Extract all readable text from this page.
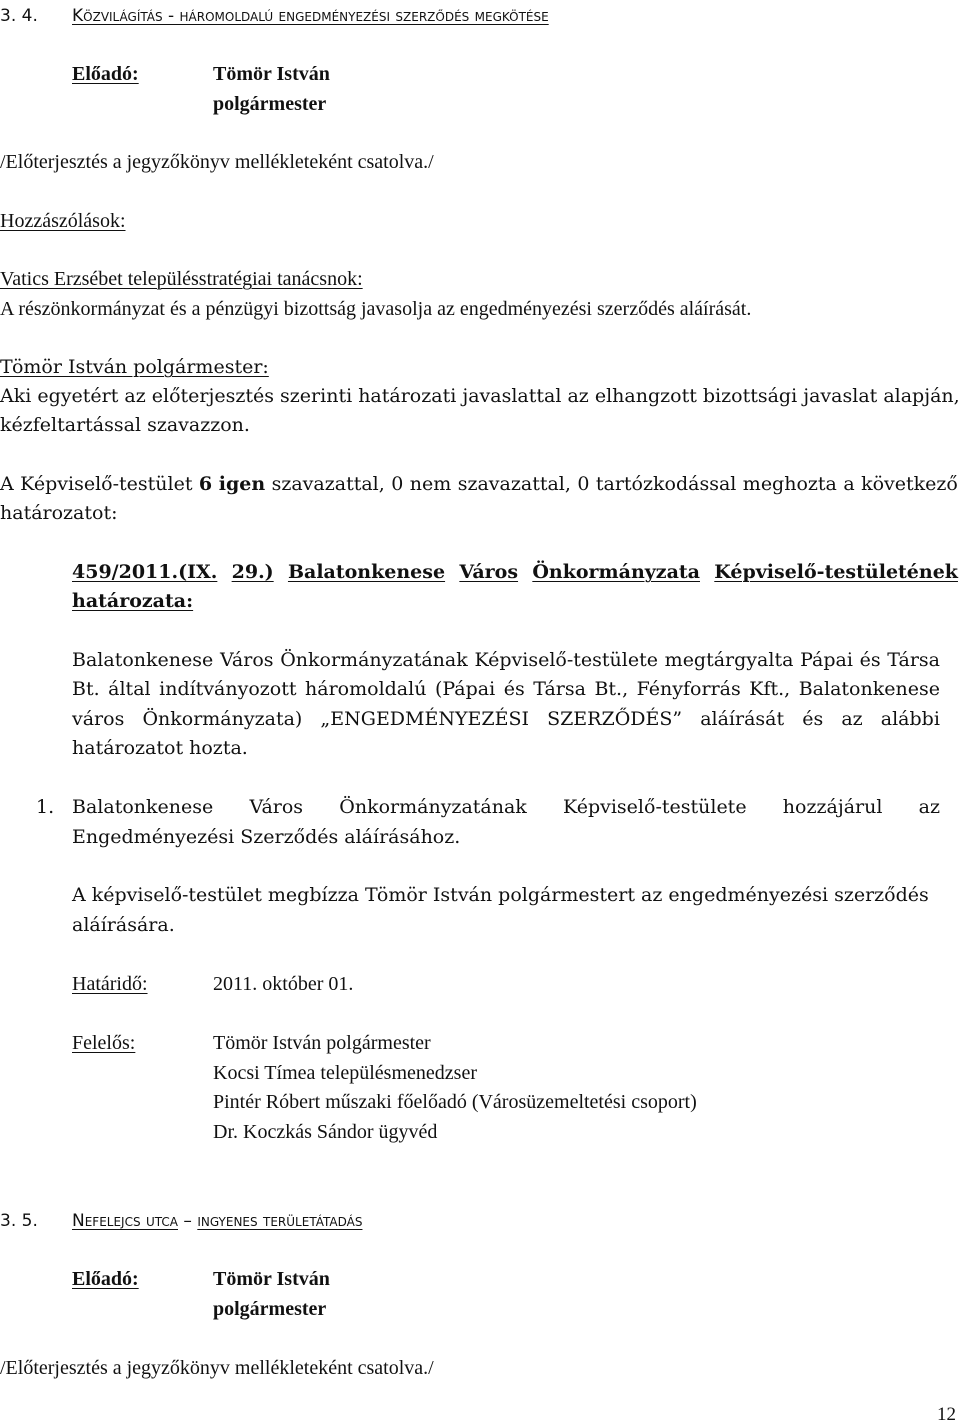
3. 4. Közvilágítás - háromoldalú engedményezési szerződés megkötése
Előadó:	Tömör István
polgármester
/Előterjesztés a jegyzőkönyv mellékleteként csatolva./
Hozzászólások:
Vatics Erzsébet településstratégiai tanácsnok:
A részönkormányzat és a pénzügyi bizottság javasolja az engedményezési szerződés aláírását.
Tömör István polgármester:
Aki egyetért az előterjesztés szerinti határozati javaslattal az elhangzott bizottsági javaslat alapján,
kézfeltartással szavazzon.
A Képviselő-testület 6 igen szavazattal, 0 nem szavazattal, 0 tartózkodással meghozta a következő
határozatot:
459/2011.(IX. 29.) Balatonkenese Város Önkormányzata Képviselő-testületének
határozata:
Balatonkenese Város Önkormányzatának Képviselő-testülete megtárgyalta Pápai és Társa
Bt. által indítványozott háromoldalú (Pápai és Társa Bt., Fényforrás Kft., Balatonkenese
város Önkormányzata) „ENGEDMÉNYEZÉSI SZERZŐDÉS” aláírását és az alábbi
határozatot hozta.
1. Balatonkenese Város Önkormányzatának Képviselő-testülete hozzájárul az
Engedményezési Szerződés aláírásához.
A képviselő-testület megbízza Tömör István polgármestert az engedményezési szerződés
aláírására.
Határidő:	2011. október 01.
Felelős:	Tömör István polgármester
Kocsi Tímea településmenedzser
Pintér Róbert műszaki főelőadó (Városüzemeltetési csoport)
Dr. Koczkás Sándor ügyvéd
3. 5. Nefelejcs utca – ingyenes területátadás
Előadó:	Tömör István
polgármester
/Előterjesztés a jegyzőkönyv mellékleteként csatolva./
12
